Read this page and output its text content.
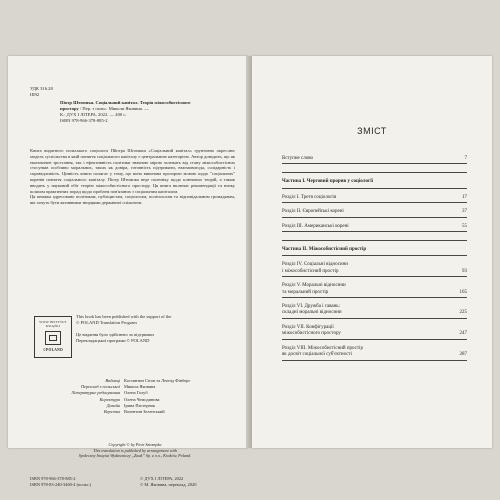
УДК 316.28
Ш92
Піотр Штомпка. Соціальний капітал. Теорія міжособистісного
простору / Пер. з польс. Миколи Яковина. —
К.: ДУХ І ЛІТЕРА, 2022. — 400 с.
ISBN 978-966-378-885-2
Книга видатного польського соціолога Пйотра Штомпки «Соціальний капітал» грунтовно окреслює модель суспільства в якій поняття соціального капіталу є центральною категорією. Автор доводить, що як економічне зростання, так і ефективність політики значною мірою залежать від стану міжособистісних стосунків особливо моральних, таких як довіра, готовність підтримати, взаємовигода, солідарність і справедливість. Цінність книги полягає у тому, що вона виконана прозорою мовою щодо "соціальних" коренів поняття соціального капіталу. Піотр Штомпка веде полеміку щодо ключових теорій, а також вводить у науковий обіг теорію міжособистісного простору. Ця книга включає рекомендації та низку шляхом практичних порад щодо проблем пов'язаних з соціальним капіталом.
Ця книжка адресовано політикам, публіцистам, соціологам, політологам та відповідальним громадянам, які хочуть бути активними творцями державної спільноти.
WWW.INSTYTUT KSIĄŻKI
©POLAND
This book has been published with the support of the
© POLAND Translation Program
Це видання було здійснено за підтримки
Перекладацької програми © POLAND
Видавці Костянтин Сігов та Леонід Фінберг
Переклад з польської Микола Яковина
Літературне редагування Олена Голуб
Коректура Олена Чемодинова
Дизайн Ірина Пастернак
Верстка Валентин Зеленський
Copyright © by Piotr Sztompka
This translation is published by arrangement with
Społeczny Instytut Wydawniczy „Znak” Sp. z o.o., Kraków, Poland.
ISBN 978-966-378-885-2
ISBN 978-83-240-3460-4 (польс.)
© ДУХ І ЛІТЕРА, 2022
© М. Яковина, переклад, 2020
ЗМІСТ
Вступне слово	7
Частина І. Черговий прорив у соціології
Розділ І. Третя соціологія	17
Розділ ІІ. Європейські корені	37
Розділ ІІІ. Американські корені	55
Частина ІІ. Міжособистісний простір
Розділ IV. Соціальні відносини
і міжособистісний простір	93
Розділ V. Моральні відносини
та моральний простір	165
Розділ VI. Дружба і гавань:
складні моральні відносини	225
Розділ VII. Конфігурації
міжособистісного простору	247
Розділ VIII. Міжособистісний простір
як досвіт соціальної суб'єктності	287
